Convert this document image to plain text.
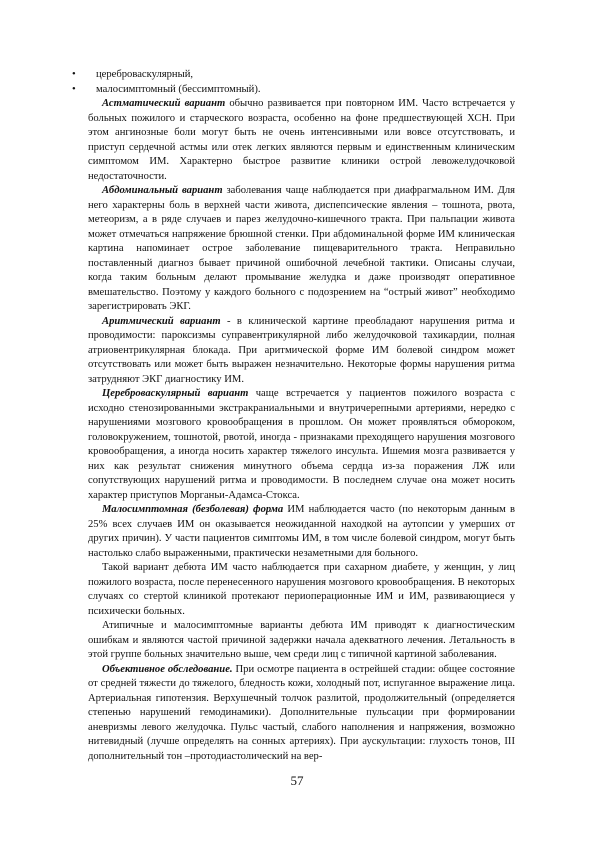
• цереброваскулярный,
• малосимптомный (бессимптомный).

Астматический вариант обычно развивается при повторном ИМ. Часто встречается у больных пожилого и старческого возраста, особенно на фоне предшествующей ХСН. При этом ангинозные боли могут быть не очень интенсивными или вовсе отсутствовать, и приступ сердечной астмы или отек легких являются первым и единственным клиническим симптомом ИМ. Характерно быстрое развитие клиники острой левожелудочковой недостаточности.

Абдоминальный вариант заболевания чаще наблюдается при диафрагмальном ИМ. Для него характерны боль в верхней части живота, диспепсические явления – тошнота, рвота, метеоризм, а в ряде случаев и парез желудочно-кишечного тракта. При пальпации живота может отмечаться напряжение брюшной стенки. При абдоминальной форме ИМ клиническая картина напоминает острое заболевание пищеварительного тракта. Неправильно поставленный диагноз бывает причиной ошибочной лечебной тактики. Описаны случаи, когда таким больным делают промывание желудка и даже производят оперативное вмешательство. Поэтому у каждого больного с подозрением на “острый живот” необходимо зарегистрировать ЭКГ.

Аритмический вариант - в клинической картине преобладают нарушения ритма и проводимости: пароксизмы суправентрикулярной либо желудочковой тахикардии, полная атриовентрикулярная блокада. При аритмической форме ИМ болевой синдром может отсутствовать или может быть выражен незначительно. Некоторые формы нарушения ритма затрудняют ЭКГ диагностику ИМ.

Цереброваскулярный вариант чаще встречается у пациентов пожилого возраста с исходно стенозированными экстракраниальными и внутричерепными артериями, нередко с нарушениями мозгового кровообращения в прошлом. Он может проявляться обмороком, головокружением, тошнотой, рвотой, иногда - признаками преходящего нарушения мозгового кровообращения, а иногда носить характер тяжелого инсульта. Ишемия мозга развивается у них как результат снижения минутного объема сердца из-за поражения ЛЖ или сопутствующих нарушений ритма и проводимости. В последнем случае она может носить характер приступов Морганьи-Адамса-Стокса.

Малосимптомная (безболевая) форма ИМ наблюдается часто (по некоторым данным в 25% всех случаев ИМ он оказывается неожиданной находкой на аутопсии у умерших от других причин). У части пациентов симптомы ИМ, в том числе болевой синдром, могут быть настолько слабо выраженными, практически незаметными для больного.

Такой вариант дебюта ИМ часто наблюдается при сахарном диабете, у женщин, у лиц пожилого возраста, после перенесенного нарушения мозгового кровообращения. В некоторых случаях со стертой клиникой протекают периоперационные ИМ и ИМ, развивающиеся у психически больных.

Атипичные и малосимптомные варианты дебюта ИМ приводят к диагностическим ошибкам и являются частой причиной задержки начала адекватного лечения. Летальность в этой группе больных значительно выше, чем среди лиц с типичной картиной заболевания.

Объективное обследование. При осмотре пациента в острейшей стадии: общее состояние от средней тяжести до тяжелого, бледность кожи, холодный пот, испуганное выражение лица. Артериальная гипотензия. Верхушечный толчок разлитой, продолжительный (определяется степенью нарушений гемодинамики). Дополнительные пульсации при формировании аневризмы левого желудочка. Пульс частый, слабого наполнения и напряжения, возможно нитевидный (лучше определять на сонных артериях). При аускультации: глухость тонов, III дополнительный тон –протодиастолический на вер-

57
